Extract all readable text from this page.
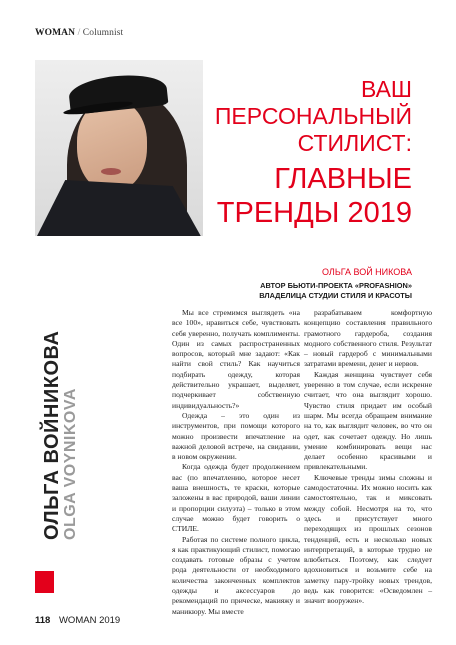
WOMAN / Columnist
ВАШ
ПЕРСОНАЛЬНЫЙ
СТИЛИСТ:
ГЛАВНЫЕ
ТРЕНДЫ 2019
ОЛЬГА ВОЙ НИКОВА
АВТОР БЬЮТИ-ПРОЕКТА «PROFASHION»
ВЛАДЕЛИЦА СТУДИИ СТИЛЯ И КРАСОТЫ
ОЛЬГА ВОЙНИКОВА OLGA VOYNIKOVA

Мы все стремимся выглядеть «на все 100», нравиться себе, чувствовать себя уверенно, получать комплименты. Один из самых распространенных вопросов, который мне задают: «Как найти свой стиль? Как научиться подбирать одежду, которая действительно украшает, выделяет, подчеркивает собственную индивидуальность?»

Одежда – это один из инструментов, при помощи которого можно произвести впечатление на важной деловой встрече, на свидании, в новом окружении.

Когда одежда будет продолжением вас (по впечатлению, которое несет ваша внешность, те краски, которые заложены в вас природой, ваши линии и пропорции силуэта) – только в этом случае можно будет говорить о СТИЛЕ.

Работая по системе полного цикла, я как практикующий стилист, помогаю создавать готовые образы с учетом рода деятельности от необходимого количества законченных комплектов одежды и аксессуаров до рекомендаций по прическе, макияжу и маникюру. Мы вместе

разрабатываем комфортную концепцию составления правильного грамотного гардероба, создания модного собственного стиля. Результат – новый гардероб с минимальными затратами времени, денег и нервов.

Каждая женщина чувствует себя уверенно в том случае, если искренне считает, что она выглядит хорошо. Чувство стиля придает им особый шарм. Мы всегда обращаем внимание на то, как выглядит человек, во что он одет, как сочетает одежду. Но лишь умение комбинировать вещи нас делает особенно красивыми и привлекательными.

Ключевые тренды зимы сложны и самодостаточны. Их можно носить как самостоятельно, так и миксовать между собой. Несмотря на то, что здесь и присутствует много переходящих из прошлых сезонов тенденций, есть и несколько новых интерпретаций, в которые трудно не влюбиться. Поэтому, как следует вдохновиться и возьмите себе на заметку пару-тройку новых трендов, ведь как говорится: «Осведомлен – значит вооружен».

118 WOMAN 2019
